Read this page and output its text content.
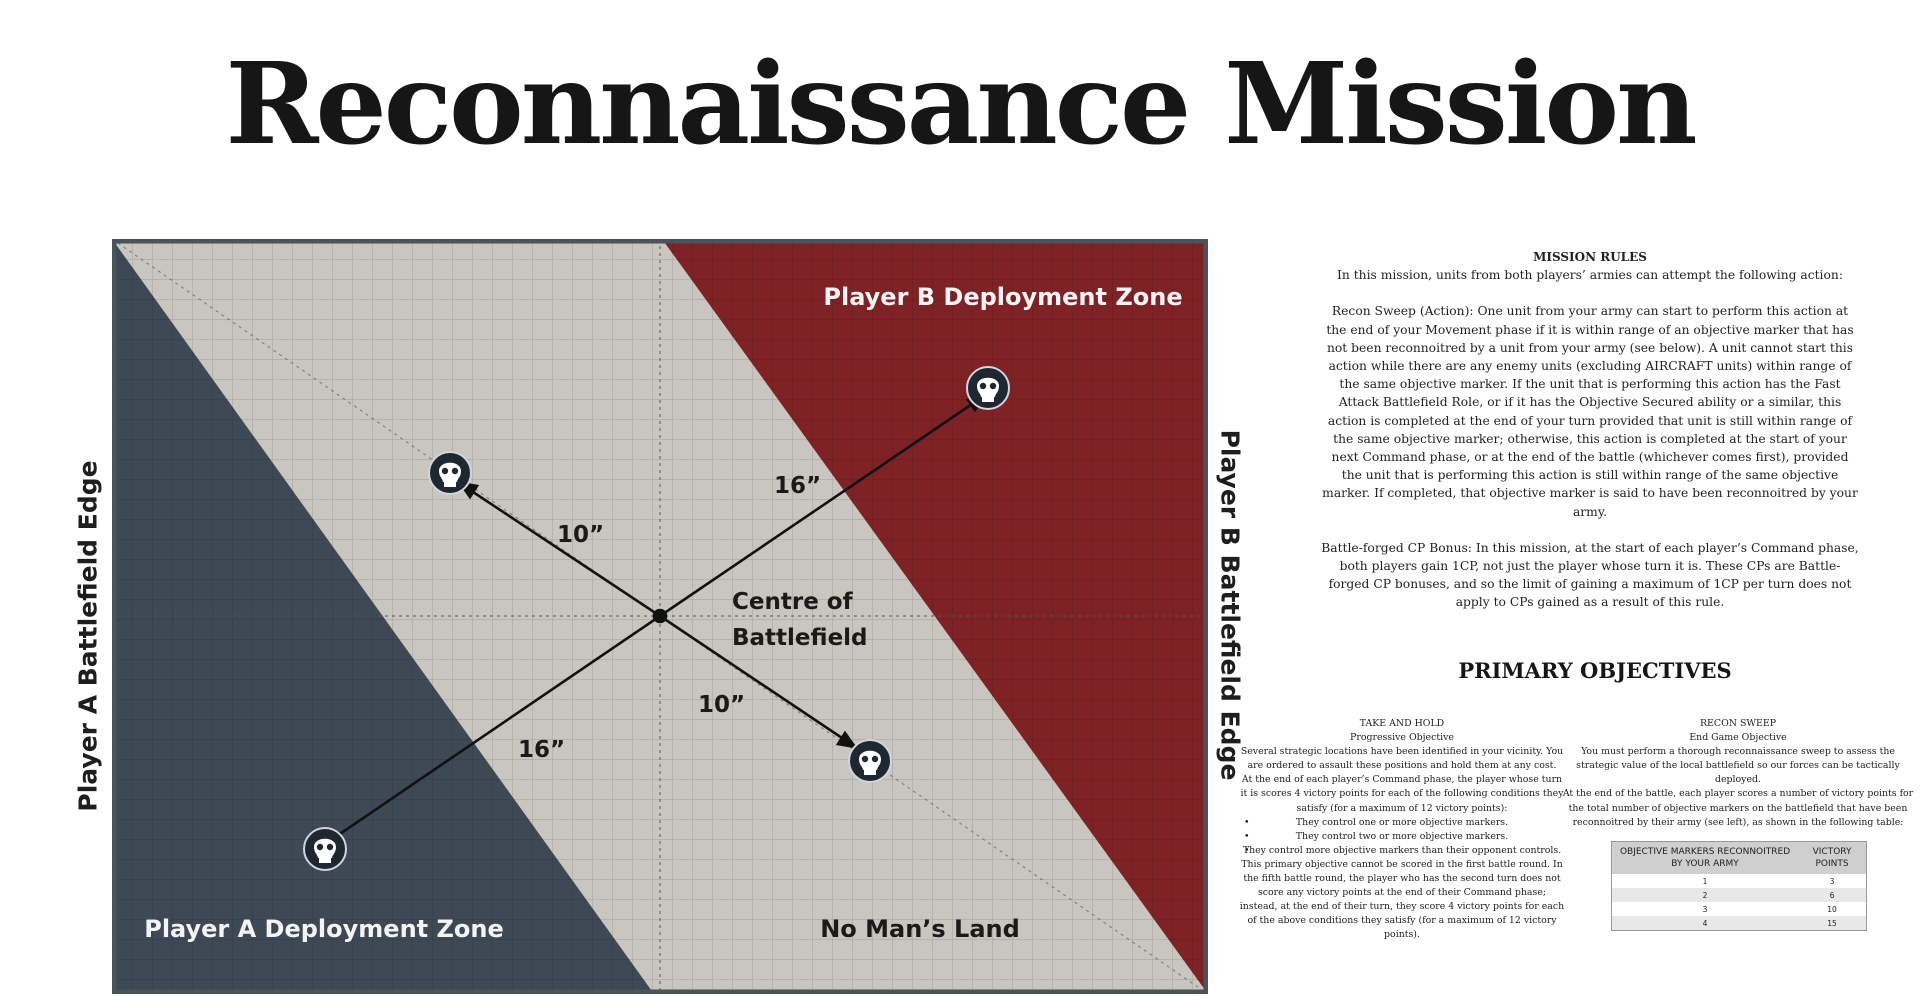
Reconnaissance Mission
Player B Deployment Zone
Player A Deployment Zone	No Man’s Land
Centre of
Battlefield
16”
10”
10”
16”
Player A Battlefield Edge	Player B Battlefield Edge

MISSION RULES

In this mission, units from both players’ armies can attempt the following action:

Recon Sweep (Action): One unit from your army can start to perform this action at the end of your Movement phase if it is within range of an objective marker that has not been reconnoitred by a unit from your army (see below). A unit cannot start this action while there are any enemy units (excluding AIRCRAFT units) within range of the same objective marker. If the unit that is performing this action has the Fast Attack Battlefield Role, or if it has the Objective Secured ability or a similar, this action is completed at the end of your turn provided that unit is still within range of the same objective marker; otherwise, this action is completed at the start of your next Command phase, or at the end of the battle (whichever comes first), provided the unit that is performing this action is still within range of the same objective marker. If completed, that objective marker is said to have been reconnoitred by your army.

Battle-forged CP Bonus: In this mission, at the start of each player’s Command phase, both players gain 1CP, not just the player whose turn it is. These CPs are Battle-forged CP bonuses, and so the limit of gaining a maximum of 1CP per turn does not apply to CPs gained as a result of this rule.

PRIMARY OBJECTIVES
TAKE AND HOLD
Progressive Objective
Several strategic locations have been identified in your vicinity. You are ordered to assault these positions and hold them at any cost.
At the end of each player’s Command phase, the player whose turn it is scores 4 victory points for each of the following conditions they satisfy (for a maximum of 12 victory points):
• They control one or more objective markers.
• They control two or more objective markers.
• They control more objective markers than their opponent controls.
This primary objective cannot be scored in the first battle round. In the fifth battle round, the player who has the second turn does not score any victory points at the end of their Command phase; instead, at the end of their turn, they score 4 victory points for each of the above conditions they satisfy (for a maximum of 12 victory points).
RECON SWEEP
End Game Objective
You must perform a thorough reconnaissance sweep to assess the strategic value of the local battlefield so our forces can be tactically deployed.
At the end of the battle, each player scores a number of victory points for the total number of objective markers on the battlefield that have been reconnoitred by their army (see left), as shown in the following table:
OBJECTIVE MARKERS RECONNOITRED BY YOUR ARMY	VICTORY POINTS
1	3
2	6
3	10
4	15
